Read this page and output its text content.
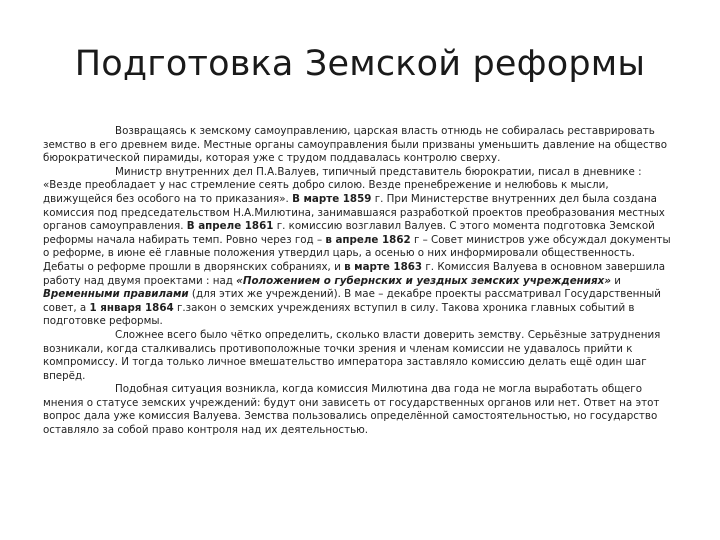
Подготовка Земской реформы

Возвращаясь к земскому самоуправлению, царская власть отнюдь не собиралась реставрировать земство в его древнем виде. Местные органы самоуправления были призваны уменьшить давление на общество бюрократической пирамиды, которая уже с трудом поддавалась контролю сверху.

Министр внутренних дел П.А.Валуев, типичный представитель бюрократии, писал в дневнике : «Везде преобладает у нас стремление сеять добро силою. Везде пренебрежение и нелюбовь к мысли, движущейся без особого на то приказания». В марте 1859 г. При Министерстве внутренних дел была создана комиссия под председательством Н.А.Милютина, занимавшаяся разработкой проектов преобразования местных органов самоуправления. В апреле 1861 г. комиссию возглавил Валуев. С этого момента подготовка Земской реформы начала набирать темп. Ровно через год – в апреле 1862 г – Совет министров уже обсуждал документы о реформе, в июне её главные положения утвердил царь, а осенью о них информировали общественность. Дебаты о реформе прошли в дворянских собраниях, и в марте 1863 г. Комиссия Валуева в основном завершила работу над двумя проектами : над «Положением о губернских и уездных земских учреждениях» и Временными правилами (для этих же учреждений). В мае – декабре проекты рассматривал Государственный совет, а 1 января 1864 г.закон о земских учреждениях вступил в силу. Такова хроника главных событий в подготовке реформы.

Сложнее всего было чётко определить, сколько власти доверить земству. Серьёзные затруднения возникали, когда сталкивались противоположные точки зрения и членам комиссии не удавалось прийти к компромиссу. И тогда только личное вмешательство императора заставляло комиссию делать ещё один шаг вперёд.

Подобная ситуация возникла, когда комиссия Милютина два года не могла выработать общего мнения о статусе земских учреждений: будут они зависеть от государственных органов или нет. Ответ на этот вопрос дала уже комиссия Валуева. Земства пользовались определённой самостоятельностью, но государство оставляло за собой право контроля над их деятельностью.
